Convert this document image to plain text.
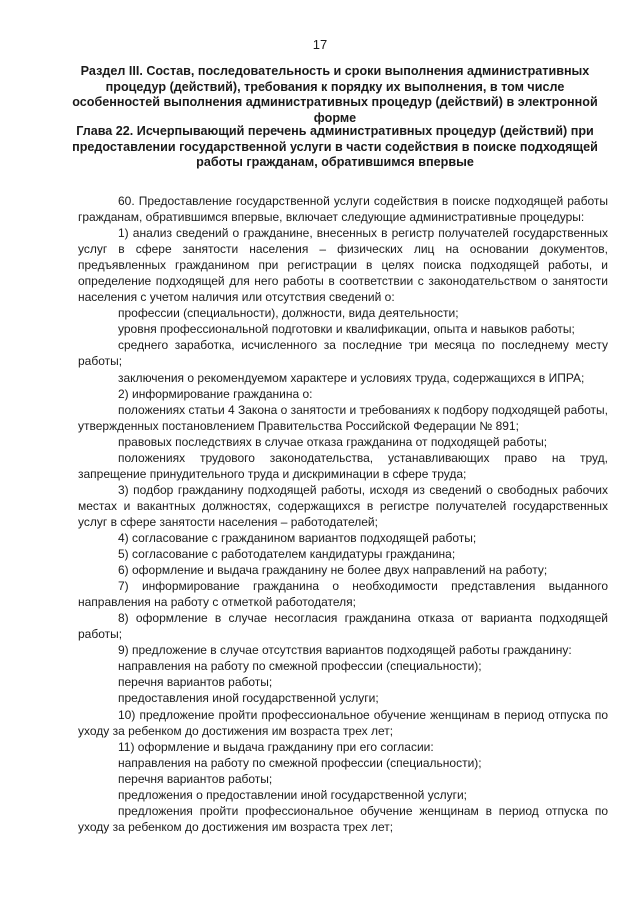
17
Раздел III. Состав, последовательность и сроки выполнения административных процедур (действий), требования к порядку их выполнения, в том числе особенностей выполнения административных процедур (действий) в электронной форме
Глава 22. Исчерпывающий перечень административных процедур (действий) при предоставлении государственной услуги в части содействия в поиске подходящей работы гражданам, обратившимся впервые

60. Предоставление государственной услуги содействия в поиске подходящей работы гражданам, обратившимся впервые, включает следующие административные процедуры:

1) анализ сведений о гражданине, внесенных в регистр получателей государственных услуг в сфере занятости населения – физических лиц на основании документов, предъявленных гражданином при регистрации в целях поиска подходящей работы, и определение подходящей для него работы в соответствии с законодательством о занятости населения с учетом наличия или отсутствия сведений о:

профессии (специальности), должности, вида деятельности;

уровня профессиональной подготовки и квалификации, опыта и навыков работы;

среднего заработка, исчисленного за последние три месяца по последнему месту работы;

заключения о рекомендуемом характере и условиях труда, содержащихся в ИПРА;

2) информирование гражданина о:

положениях статьи 4 Закона о занятости и требованиях к подбору подходящей работы, утвержденных постановлением Правительства Российской Федерации № 891;

правовых последствиях в случае отказа гражданина от подходящей работы;

положениях трудового законодательства, устанавливающих право на труд, запрещение принудительного труда и дискриминации в сфере труда;

3) подбор гражданину подходящей работы, исходя из сведений о свободных рабочих местах и вакантных должностях, содержащихся в регистре получателей государственных услуг в сфере занятости населения – работодателей;

4) согласование с гражданином вариантов подходящей работы;

5) согласование с работодателем кандидатуры гражданина;

6) оформление и выдача гражданину не более двух направлений на работу;

7) информирование гражданина о необходимости представления выданного направления на работу с отметкой работодателя;

8) оформление в случае несогласия гражданина отказа от варианта подходящей работы;

9) предложение в случае отсутствия вариантов подходящей работы гражданину:

направления на работу по смежной профессии (специальности);

перечня вариантов работы;

предоставления иной государственной услуги;

10) предложение пройти профессиональное обучение женщинам в период отпуска по уходу за ребенком до достижения им возраста трех лет;

11) оформление и выдача гражданину при его согласии:

направления на работу по смежной профессии (специальности);

перечня вариантов работы;

предложения о предоставлении иной государственной услуги;

предложения пройти профессиональное обучение женщинам в период отпуска по уходу за ребенком до достижения им возраста трех лет;
